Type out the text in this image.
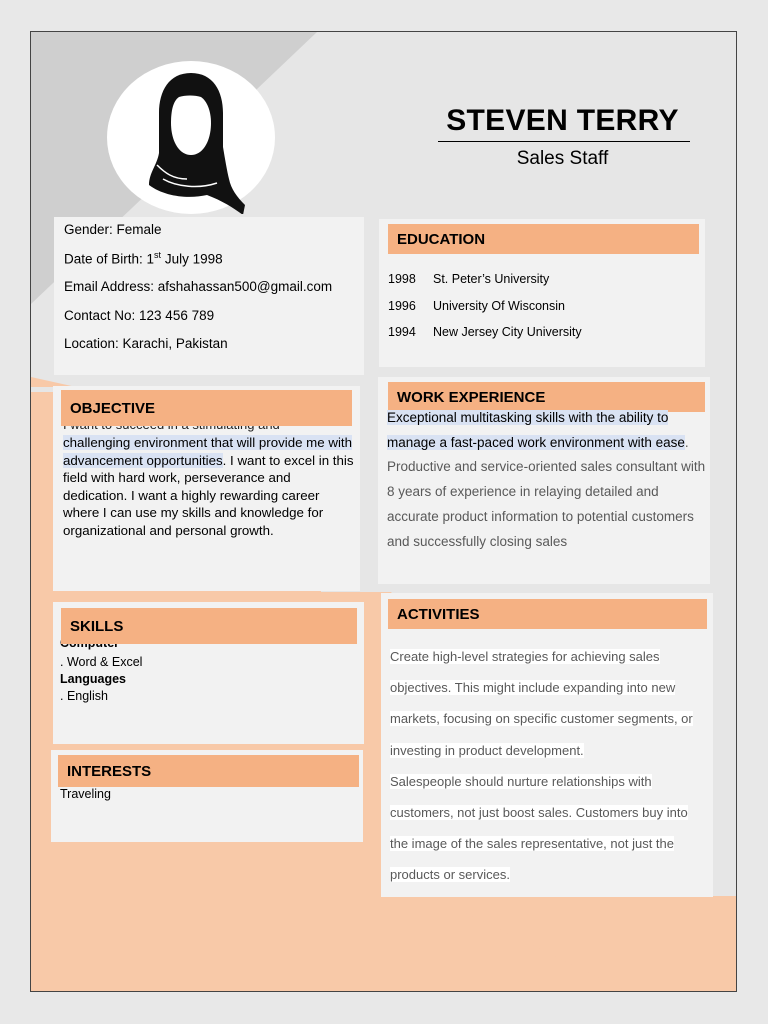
STEVEN TERRY
Sales Staff
Gender: Female
Date of Birth: 1st July 1998
Email Address: afshahassan500@gmail.com
Contact No: 123 456 789
Location: Karachi, Pakistan
EDUCATION
1998 St. Peter’s University
1996 University Of Wisconsin
1994 New Jersey City University
OBJECTIVE
challenging environment that will provide me with advancement opportunities. I want to excel in this field with hard work, perseverance and dedication. I want a highly rewarding career where I can use my skills and knowledge for organizational and personal growth.
WORK EXPERIENCE
Exceptional multitasking skills with the ability to manage a fast-paced work environment with ease. Productive and service-oriented sales consultant with 8 years of experience in relaying detailed and accurate product information to potential customers and successfully closing sales
SKILLS
. Word & Excel
Languages
. English
INTERESTS
Traveling
ACTIVITIES
Create high-level strategies for achieving sales
objectives. This might include expanding into new
markets, focusing on specific customer segments, or
investing in product development.
Salespeople should nurture relationships with
customers, not just boost sales. Customers buy into
the image of the sales representative, not just the
products or services.
